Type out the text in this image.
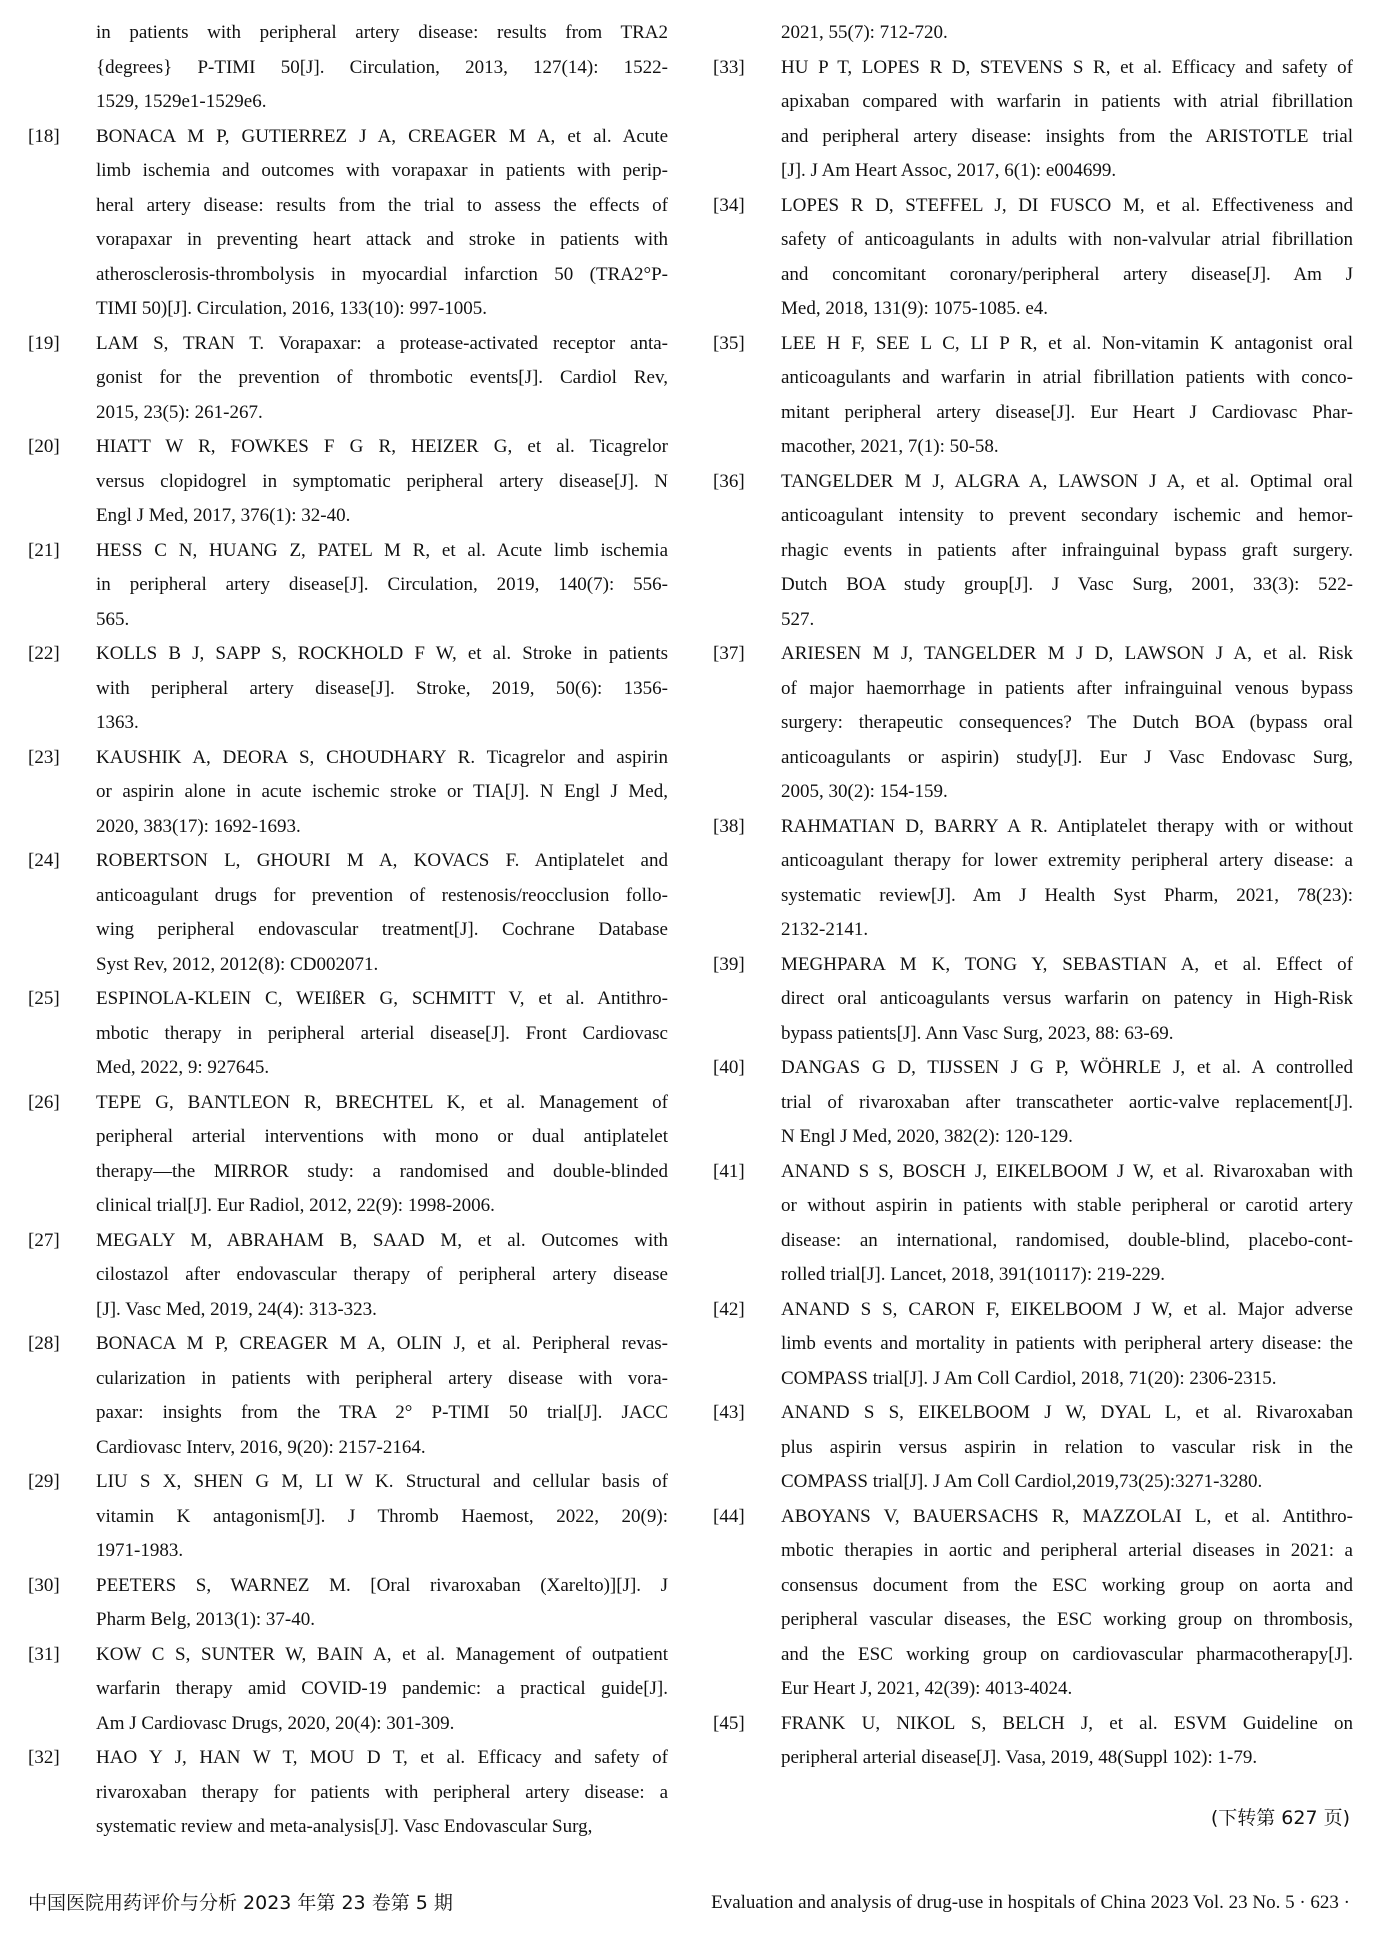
in patients with peripheral artery disease: results from TRA2
{degrees} P-TIMI 50[J]. Circulation, 2013, 127(14): 1522-
1529, 1529e1-1529e6.
[18]	BONACA M P, GUTIERREZ J A, CREAGER M A, et al. Acute
limb ischemia and outcomes with vorapaxar in patients with perip-
heral artery disease: results from the trial to assess the effects of
vorapaxar in preventing heart attack and stroke in patients with
atherosclerosis-thrombolysis in myocardial infarction 50 (TRA2°P-
TIMI 50)[J]. Circulation, 2016, 133(10): 997-1005.
[19]	LAM S, TRAN T. Vorapaxar: a protease-activated receptor anta-
gonist for the prevention of thrombotic events[J]. Cardiol Rev,
2015, 23(5): 261-267.
[20]	HIATT W R, FOWKES F G R, HEIZER G, et al. Ticagrelor
versus clopidogrel in symptomatic peripheral artery disease[J]. N
Engl J Med, 2017, 376(1): 32-40.
[21]	HESS C N, HUANG Z, PATEL M R, et al. Acute limb ischemia
in peripheral artery disease[J]. Circulation, 2019, 140(7): 556-
565.
[22]	KOLLS B J, SAPP S, ROCKHOLD F W, et al. Stroke in patients
with peripheral artery disease[J]. Stroke, 2019, 50(6): 1356-
1363.
[23]	KAUSHIK A, DEORA S, CHOUDHARY R. Ticagrelor and aspirin
or aspirin alone in acute ischemic stroke or TIA[J]. N Engl J Med,
2020, 383(17): 1692-1693.
[24]	ROBERTSON L, GHOURI M A, KOVACS F. Antiplatelet and
anticoagulant drugs for prevention of restenosis/reocclusion follo-
wing peripheral endovascular treatment[J]. Cochrane Database
Syst Rev, 2012, 2012(8): CD002071.
[25]	ESPINOLA-KLEIN C, WEIßER G, SCHMITT V, et al. Antithro-
mbotic therapy in peripheral arterial disease[J]. Front Cardiovasc
Med, 2022, 9: 927645.
[26]	TEPE G, BANTLEON R, BRECHTEL K, et al. Management of
peripheral arterial interventions with mono or dual antiplatelet
therapy—the MIRROR study: a randomised and double-blinded
clinical trial[J]. Eur Radiol, 2012, 22(9): 1998-2006.
[27]	MEGALY M, ABRAHAM B, SAAD M, et al. Outcomes with
cilostazol after endovascular therapy of peripheral artery disease
[J]. Vasc Med, 2019, 24(4): 313-323.
[28]	BONACA M P, CREAGER M A, OLIN J, et al. Peripheral revas-
cularization in patients with peripheral artery disease with vora-
paxar: insights from the TRA 2° P-TIMI 50 trial[J]. JACC
Cardiovasc Interv, 2016, 9(20): 2157-2164.
[29]	LIU S X, SHEN G M, LI W K. Structural and cellular basis of
vitamin K antagonism[J]. J Thromb Haemost, 2022, 20(9):
1971-1983.
[30]	PEETERS S, WARNEZ M. [Oral rivaroxaban (Xarelto)][J]. J
Pharm Belg, 2013(1): 37-40.
[31]	KOW C S, SUNTER W, BAIN A, et al. Management of outpatient
warfarin therapy amid COVID-19 pandemic: a practical guide[J].
Am J Cardiovasc Drugs, 2020, 20(4): 301-309.
[32]	HAO Y J, HAN W T, MOU D T, et al. Efficacy and safety of
rivaroxaban therapy for patients with peripheral artery disease: a
systematic review and meta-analysis[J]. Vasc Endovascular Surg,
2021, 55(7): 712-720.
[33]	HU P T, LOPES R D, STEVENS S R, et al. Efficacy and safety of
apixaban compared with warfarin in patients with atrial fibrillation
and peripheral artery disease: insights from the ARISTOTLE trial
[J]. J Am Heart Assoc, 2017, 6(1): e004699.
[34]	LOPES R D, STEFFEL J, DI FUSCO M, et al. Effectiveness and
safety of anticoagulants in adults with non-valvular atrial fibrillation
and concomitant coronary/peripheral artery disease[J]. Am J
Med, 2018, 131(9): 1075-1085. e4.
[35]	LEE H F, SEE L C, LI P R, et al. Non-vitamin K antagonist oral
anticoagulants and warfarin in atrial fibrillation patients with conco-
mitant peripheral artery disease[J]. Eur Heart J Cardiovasc Phar-
macother, 2021, 7(1): 50-58.
[36]	TANGELDER M J, ALGRA A, LAWSON J A, et al. Optimal oral
anticoagulant intensity to prevent secondary ischemic and hemor-
rhagic events in patients after infrainguinal bypass graft surgery.
Dutch BOA study group[J]. J Vasc Surg, 2001, 33(3): 522-
527.
[37]	ARIESEN M J, TANGELDER M J D, LAWSON J A, et al. Risk
of major haemorrhage in patients after infrainguinal venous bypass
surgery: therapeutic consequences? The Dutch BOA (bypass oral
anticoagulants or aspirin) study[J]. Eur J Vasc Endovasc Surg,
2005, 30(2): 154-159.
[38]	RAHMATIAN D, BARRY A R. Antiplatelet therapy with or without
anticoagulant therapy for lower extremity peripheral artery disease: a
systematic review[J]. Am J Health Syst Pharm, 2021, 78(23):
2132-2141.
[39]	MEGHPARA M K, TONG Y, SEBASTIAN A, et al. Effect of
direct oral anticoagulants versus warfarin on patency in High-Risk
bypass patients[J]. Ann Vasc Surg, 2023, 88: 63-69.
[40]	DANGAS G D, TIJSSEN J G P, WÖHRLE J, et al. A controlled
trial of rivaroxaban after transcatheter aortic-valve replacement[J].
N Engl J Med, 2020, 382(2): 120-129.
[41]	ANAND S S, BOSCH J, EIKELBOOM J W, et al. Rivaroxaban with
or without aspirin in patients with stable peripheral or carotid artery
disease: an international, randomised, double-blind, placebo-cont-
rolled trial[J]. Lancet, 2018, 391(10117): 219-229.
[42]	ANAND S S, CARON F, EIKELBOOM J W, et al. Major adverse
limb events and mortality in patients with peripheral artery disease: the
COMPASS trial[J]. J Am Coll Cardiol, 2018, 71(20): 2306-2315.
[43]	ANAND S S, EIKELBOOM J W, DYAL L, et al. Rivaroxaban
plus aspirin versus aspirin in relation to vascular risk in the
COMPASS trial[J]. J Am Coll Cardiol,2019,73(25):3271-3280.
[44]	ABOYANS V, BAUERSACHS R, MAZZOLAI L, et al. Antithro-
mbotic therapies in aortic and peripheral arterial diseases in 2021: a
consensus document from the ESC working group on aorta and
peripheral vascular diseases, the ESC working group on thrombosis,
and the ESC working group on cardiovascular pharmacotherapy[J].
Eur Heart J, 2021, 42(39): 4013-4024.
[45]	FRANK U, NIKOL S, BELCH J, et al. ESVM Guideline on
peripheral arterial disease[J]. Vasa, 2019, 48(Suppl 102): 1-79.
(下转第 627 页)
中国医院用药评价与分析 2023 年第 23 卷第 5 期	Evaluation and analysis of drug-use in hospitals of China 2023 Vol. 23 No. 5 · 623 ·
